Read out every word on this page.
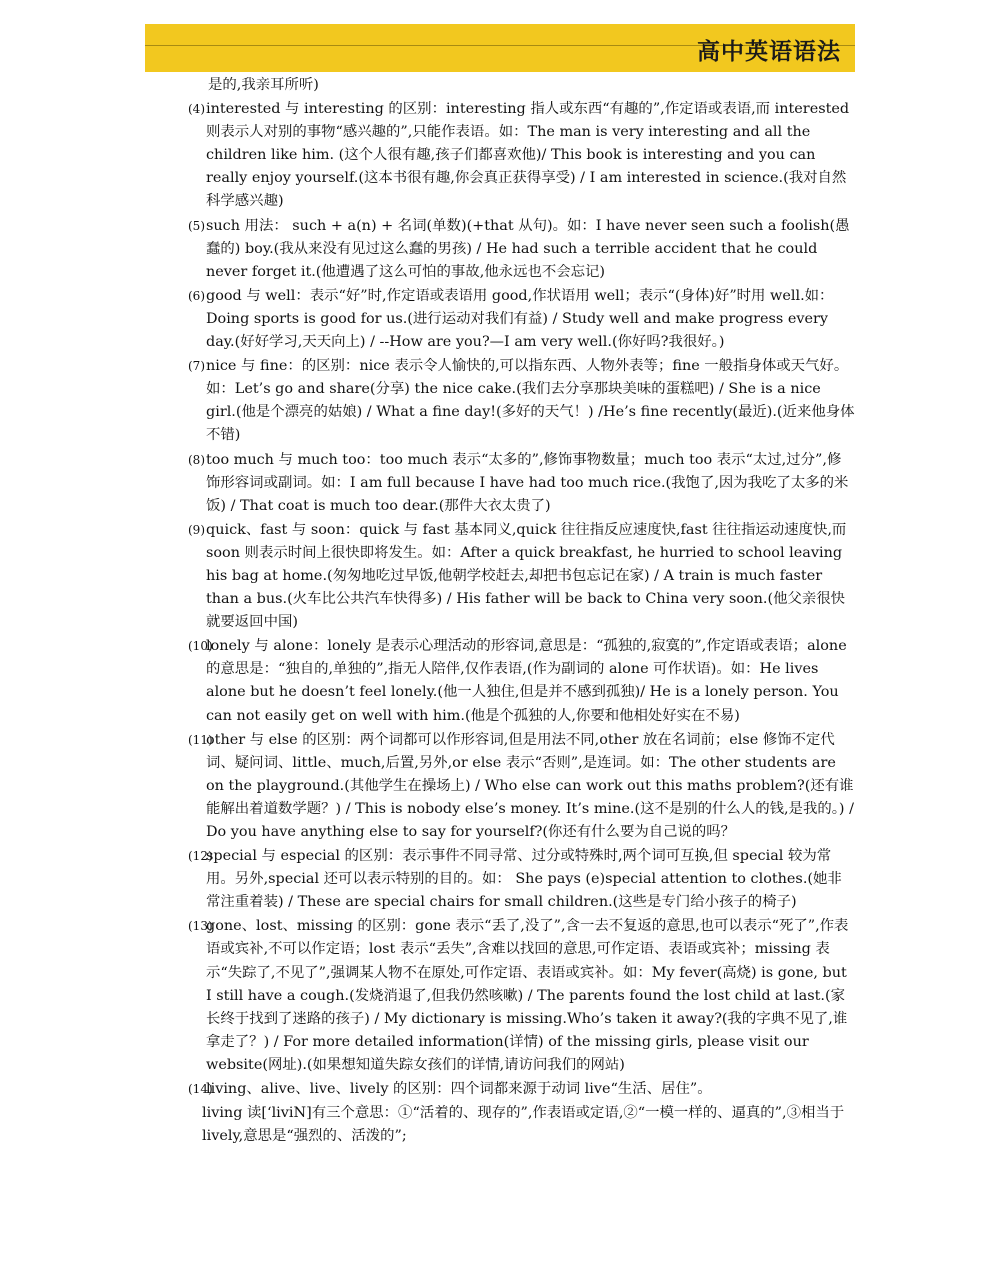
高中英语语法

是的,我亲耳所听)

(4) interested 与 interesting 的区别：interesting 指人或东西“有趣的”,作定语或表语,而 interested 则表示人对别的事物“感兴趣的”,只能作表语。如：The man is very interesting and all the children like him. (这个人很有趣,孩子们都喜欢他)/ This book is interesting and you can really enjoy yourself.(这本书很有趣,你会真正获得享受) / I am interested in science.(我对自然科学感兴趣)
(5) such 用法： such + a(n) + 名词(单数)(+that 从句)。如：I have never seen such a foolish(愚蠢的) boy.(我从来没有见过这么蠢的男孩) / He had such a terrible accident that he could never forget it.(他遭遇了这么可怕的事故,他永远也不会忘记)
(6) good 与 well：表示“好”时,作定语或表语用 good,作状语用 well；表示“(身体)好”时用 well.如：Doing sports is good for us.(进行运动对我们有益) / Study well and make progress every day.(好好学习,天天向上) / --How are you?—I am very well.(你好吗?我很好。)
(7) nice 与 fine：的区别：nice 表示令人愉快的,可以指东西、人物外表等；fine 一般指身体或天气好。如：Let’s go and share(分享) the nice cake.(我们去分享那块美味的蛋糕吧) / She is a nice girl.(他是个漂亮的姑娘) / What a fine day!(多好的天气！) /He’s fine recently(最近).(近来他身体不错)
(8) too much 与 much too：too much 表示“太多的”,修饰事物数量；much too 表示“太过,过分”,修饰形容词或副词。如：I am full because I have had too much rice.(我饱了,因为我吃了太多的米饭) / That coat is much too dear.(那件大衣太贵了)
(9) quick、fast 与 soon：quick 与 fast 基本同义,quick 往往指反应速度快,fast 往往指运动速度快,而 soon 则表示时间上很快即将发生。如：After a quick breakfast, he hurried to school leaving his bag at home.(匆匆地吃过早饭,他朝学校赶去,却把书包忘记在家) / A train is much faster than a bus.(火车比公共汽车快得多) / His father will be back to China very soon.(他父亲很快就要返回中国)
(10)
lonely 与 alone：lonely 是表示心理活动的形容词,意思是：“孤独的,寂寞的”,作定语或表语；alone 的意思是：“独自的,单独的”,指无人陪伴,仅作表语,(作为副词的 alone 可作状语)。如：He lives alone but he doesn’t feel lonely.(他一人独住,但是并不感到孤独)/ He is a lonely person. You can not easily get on well with him.(他是个孤独的人,你要和他相处好实在不易)
(11)
other 与 else 的区别：两个词都可以作形容词,但是用法不同,other 放在名词前；else 修饰不定代词、疑问词、little、much,后置,另外,or else 表示“否则”,是连词。如：The other students are on the playground.(其他学生在操场上) / Who else can work out this maths problem?(还有谁能解出着道数学题？) / This is nobody else’s money. It’s mine.(这不是别的什么人的钱,是我的。) / Do you have anything else to say for yourself?(你还有什么要为自己说的吗？
(12)
special 与 especial 的区别：表示事件不同寻常、过分或特殊时,两个词可互换,但 special 较为常用。另外,special 还可以表示特别的目的。如： She pays (e)special attention to clothes.(她非常注重着装) / These are special chairs for small children.(这些是专门给小孩子的椅子)
(13)
gone、lost、missing 的区别：gone 表示“丢了,没了”,含一去不复返的意思,也可以表示“死了”,作表语或宾补,不可以作定语；lost 表示“丢失”,含难以找回的意思,可作定语、表语或宾补；missing 表示“失踪了,不见了”,强调某人物不在原处,可作定语、表语或宾补。如：My fever(高烧) is gone, but I still have a cough.(发烧消退了,但我仍然咳嗽) / The parents found the lost child at last.(家长终于找到了迷路的孩子) / My dictionary is missing.Who’s taken it away?(我的字典不见了,谁拿走了？) / For more detailed information(详情) of the missing girls, please visit our website(网址).(如果想知道失踪女孩们的详情,请访问我们的网站)
(14)
living、alive、live、lively 的区别：四个词都来源于动词 live“生活、居住”。
living 读[‘liviN]有三个意思：①“活着的、现存的”,作表语或定语,②“一模一样的、逼真的”,③相当于 lively,意思是“强烈的、活泼的”;
